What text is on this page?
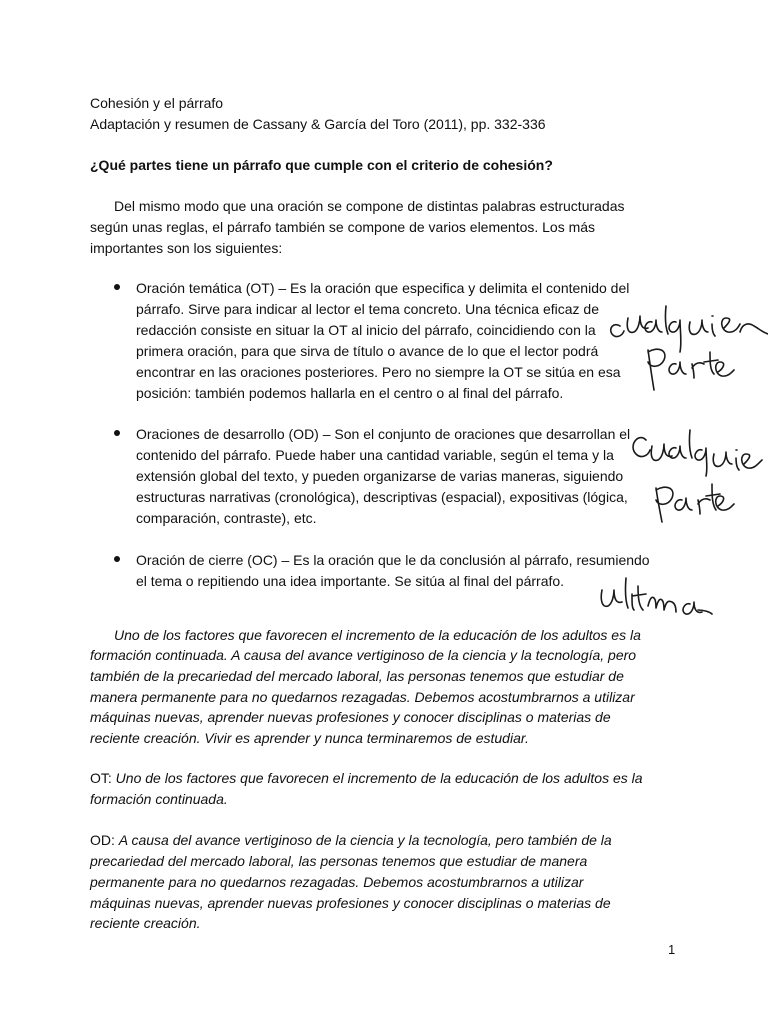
Cohesión y el párrafo
Adaptación y resumen de Cassany & García del Toro (2011), pp. 332-336
¿Qué partes tiene un párrafo que cumple con el criterio de cohesión?
Del mismo modo que una oración se compone de distintas palabras estructuradas
según unas reglas, el párrafo también se compone de varios elementos. Los más
importantes son los siguientes:
Oración temática (OT) – Es la oración que especifica y delimita el contenido del
párrafo. Sirve para indicar al lector el tema concreto. Una técnica eficaz de
redacción consiste en situar la OT al inicio del párrafo, coincidiendo con la
primera oración, para que sirva de título o avance de lo que el lector podrá
encontrar en las oraciones posteriores. Pero no siempre la OT se sitúa en esa
posición: también podemos hallarla en el centro o al final del párrafo.
Oraciones de desarrollo (OD) – Son el conjunto de oraciones que desarrollan el
contenido del párrafo. Puede haber una cantidad variable, según el tema y la
extensión global del texto, y pueden organizarse de varias maneras, siguiendo
estructuras narrativas (cronológica), descriptivas (espacial), expositivas (lógica,
comparación, contraste), etc.
Oración de cierre (OC) – Es la oración que le da conclusión al párrafo, resumiendo
el tema o repitiendo una idea importante. Se sitúa al final del párrafo.
Uno de los factores que favorecen el incremento de la educación de los adultos es la
formación continuada. A causa del avance vertiginoso de la ciencia y la tecnología, pero
también de la precariedad del mercado laboral, las personas tenemos que estudiar de
manera permanente para no quedarnos rezagadas. Debemos acostumbrarnos a utilizar
máquinas nuevas, aprender nuevas profesiones y conocer disciplinas o materias de
reciente creación. Vivir es aprender y nunca terminaremos de estudiar.
OT: Uno de los factores que favorecen el incremento de la educación de los adultos es la
formación continuada.
OD: A causa del avance vertiginoso de la ciencia y la tecnología, pero también de la
precariedad del mercado laboral, las personas tenemos que estudiar de manera
permanente para no quedarnos rezagadas. Debemos acostumbrarnos a utilizar
máquinas nuevas, aprender nuevas profesiones y conocer disciplinas o materias de
reciente creación.
1
